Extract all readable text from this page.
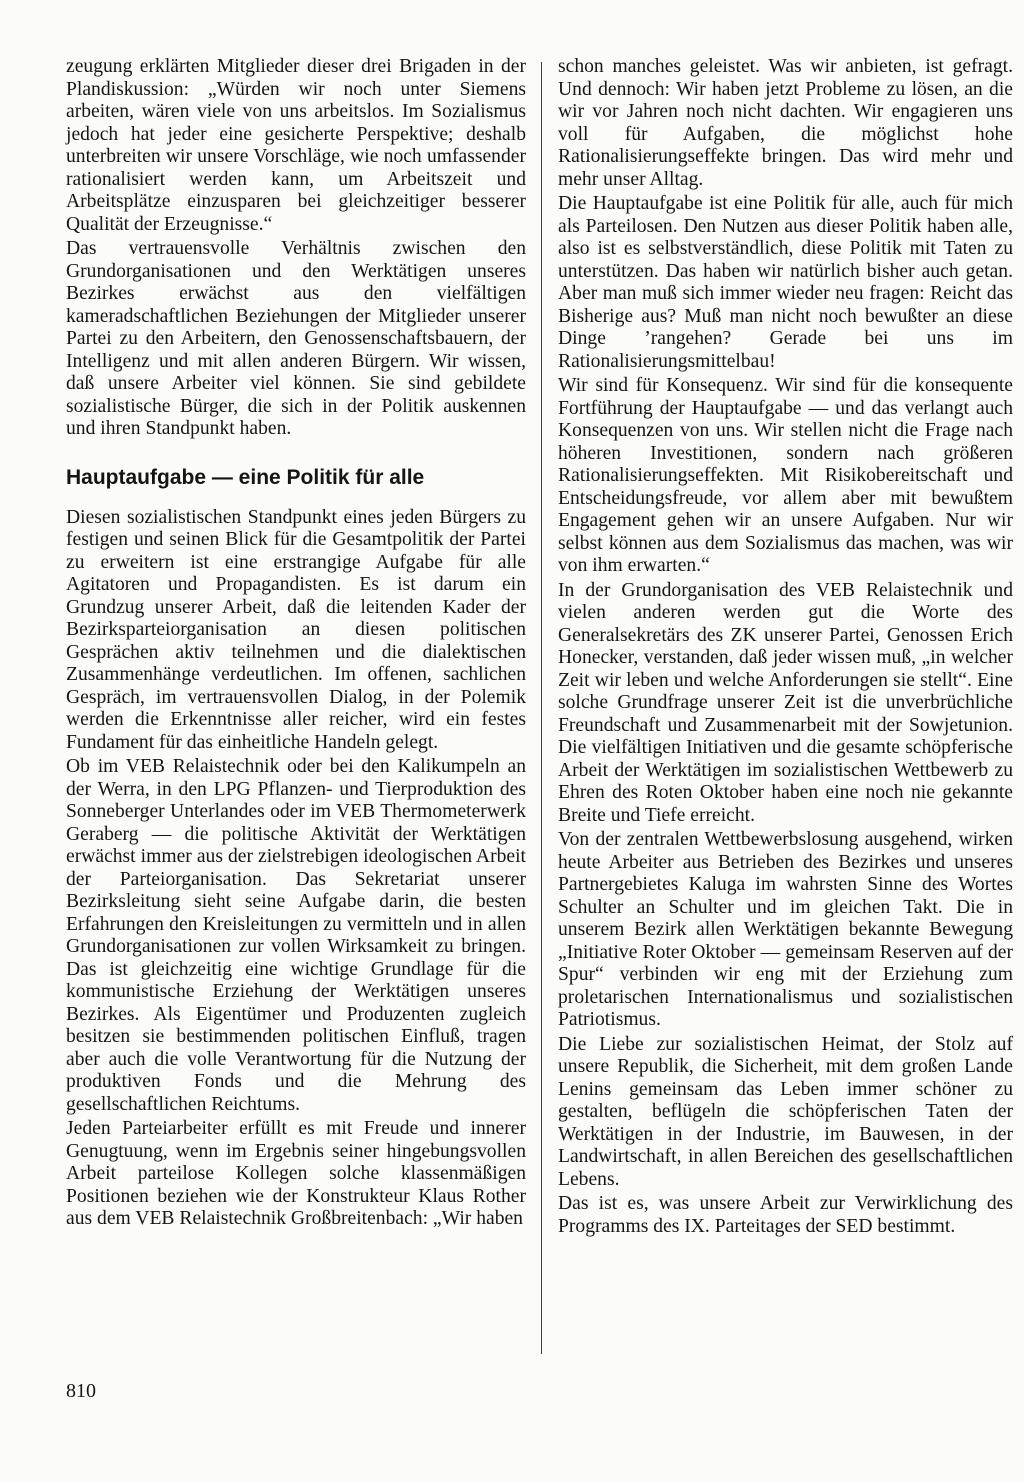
zeugung erklärten Mitglieder dieser drei Brigaden in der Plandiskussion: „Würden wir noch unter Siemens arbeiten, wären viele von uns arbeitslos. Im Sozialismus jedoch hat jeder eine gesicherte Perspektive; deshalb unterbreiten wir unsere Vorschläge, wie noch umfassender rationalisiert werden kann, um Arbeitszeit und Arbeitsplätze einzusparen bei gleichzeitiger besserer Qualität der Erzeugnisse.“

Das vertrauensvolle Verhältnis zwischen den Grundorganisationen und den Werktätigen unseres Bezirkes erwächst aus den vielfältigen kameradschaftlichen Beziehungen der Mitglieder unserer Partei zu den Arbeitern, den Genossenschaftsbauern, der Intelligenz und mit allen anderen Bürgern. Wir wissen, daß unsere Arbeiter viel können. Sie sind gebildete sozialistische Bürger, die sich in der Politik auskennen und ihren Standpunkt haben.

Hauptaufgabe — eine Politik für alle

Diesen sozialistischen Standpunkt eines jeden Bürgers zu festigen und seinen Blick für die Gesamtpolitik der Partei zu erweitern ist eine erstrangige Aufgabe für alle Agitatoren und Propagandisten. Es ist darum ein Grundzug unserer Arbeit, daß die leitenden Kader der Bezirksparteiorganisation an diesen politischen Gesprächen aktiv teilnehmen und die dialektischen Zusammenhänge verdeutlichen. Im offenen, sachlichen Gespräch, im vertrauensvollen Dialog, in der Polemik werden die Erkenntnisse aller reicher, wird ein festes Fundament für das einheitliche Handeln gelegt.

Ob im VEB Relaistechnik oder bei den Kalikumpeln an der Werra, in den LPG Pflanzen- und Tierproduktion des Sonneberger Unterlandes oder im VEB Thermometerwerk Geraberg — die politische Aktivität der Werktätigen erwächst immer aus der zielstrebigen ideologischen Arbeit der Parteiorganisation. Das Sekretariat unserer Bezirksleitung sieht seine Aufgabe darin, die besten Erfahrungen den Kreisleitungen zu vermitteln und in allen Grundorganisationen zur vollen Wirksamkeit zu bringen. Das ist gleichzeitig eine wichtige Grundlage für die kommunistische Erziehung der Werktätigen unseres Bezirkes. Als Eigentümer und Produzenten zugleich besitzen sie bestimmenden politischen Einfluß, tragen aber auch die volle Verantwortung für die Nutzung der produktiven Fonds und die Mehrung des gesellschaftlichen Reichtums.

Jeden Parteiarbeiter erfüllt es mit Freude und innerer Genugtuung, wenn im Ergebnis seiner hingebungsvollen Arbeit parteilose Kollegen solche klassenmäßigen Positionen beziehen wie der Konstrukteur Klaus Rother aus dem VEB Relaistechnik Großbreitenbach: „Wir haben

schon manches geleistet. Was wir anbieten, ist gefragt. Und dennoch: Wir haben jetzt Probleme zu lösen, an die wir vor Jahren noch nicht dachten. Wir engagieren uns voll für Aufgaben, die möglichst hohe Rationalisierungseffekte bringen. Das wird mehr und mehr unser Alltag.

Die Hauptaufgabe ist eine Politik für alle, auch für mich als Parteilosen. Den Nutzen aus dieser Politik haben alle, also ist es selbstverständlich, diese Politik mit Taten zu unterstützen. Das haben wir natürlich bisher auch getan. Aber man muß sich immer wieder neu fragen: Reicht das Bisherige aus? Muß man nicht noch bewußter an diese Dinge ’rangehen? Gerade bei uns im Rationalisierungsmittelbau!

Wir sind für Konsequenz. Wir sind für die konsequente Fortführung der Hauptaufgabe — und das verlangt auch Konsequenzen von uns. Wir stellen nicht die Frage nach höheren Investitionen, sondern nach größeren Rationalisierungseffekten. Mit Risikobereitschaft und Entscheidungsfreude, vor allem aber mit bewußtem Engagement gehen wir an unsere Aufgaben. Nur wir selbst können aus dem Sozialismus das machen, was wir von ihm erwarten.“

In der Grundorganisation des VEB Relaistechnik und vielen anderen werden gut die Worte des Generalsekretärs des ZK unserer Partei, Genossen Erich Honecker, verstanden, daß jeder wissen muß, „in welcher Zeit wir leben und welche Anforderungen sie stellt“. Eine solche Grundfrage unserer Zeit ist die unverbrüchliche Freundschaft und Zusammenarbeit mit der Sowjetunion. Die vielfältigen Initiativen und die gesamte schöpferische Arbeit der Werktätigen im sozialistischen Wettbewerb zu Ehren des Roten Oktober haben eine noch nie gekannte Breite und Tiefe erreicht.

Von der zentralen Wettbewerbslosung ausgehend, wirken heute Arbeiter aus Betrieben des Bezirkes und unseres Partnergebietes Kaluga im wahrsten Sinne des Wortes Schulter an Schulter und im gleichen Takt. Die in unserem Bezirk allen Werktätigen bekannte Bewegung „Initiative Roter Oktober — gemeinsam Reserven auf der Spur“ verbinden wir eng mit der Erziehung zum proletarischen Internationalismus und sozialistischen Patriotismus.

Die Liebe zur sozialistischen Heimat, der Stolz auf unsere Republik, die Sicherheit, mit dem großen Lande Lenins gemeinsam das Leben immer schöner zu gestalten, beflügeln die schöpferischen Taten der Werktätigen in der Industrie, im Bauwesen, in der Landwirtschaft, in allen Bereichen des gesellschaftlichen Lebens.

Das ist es, was unsere Arbeit zur Verwirklichung des Programms des IX. Parteitages der SED bestimmt.

810
